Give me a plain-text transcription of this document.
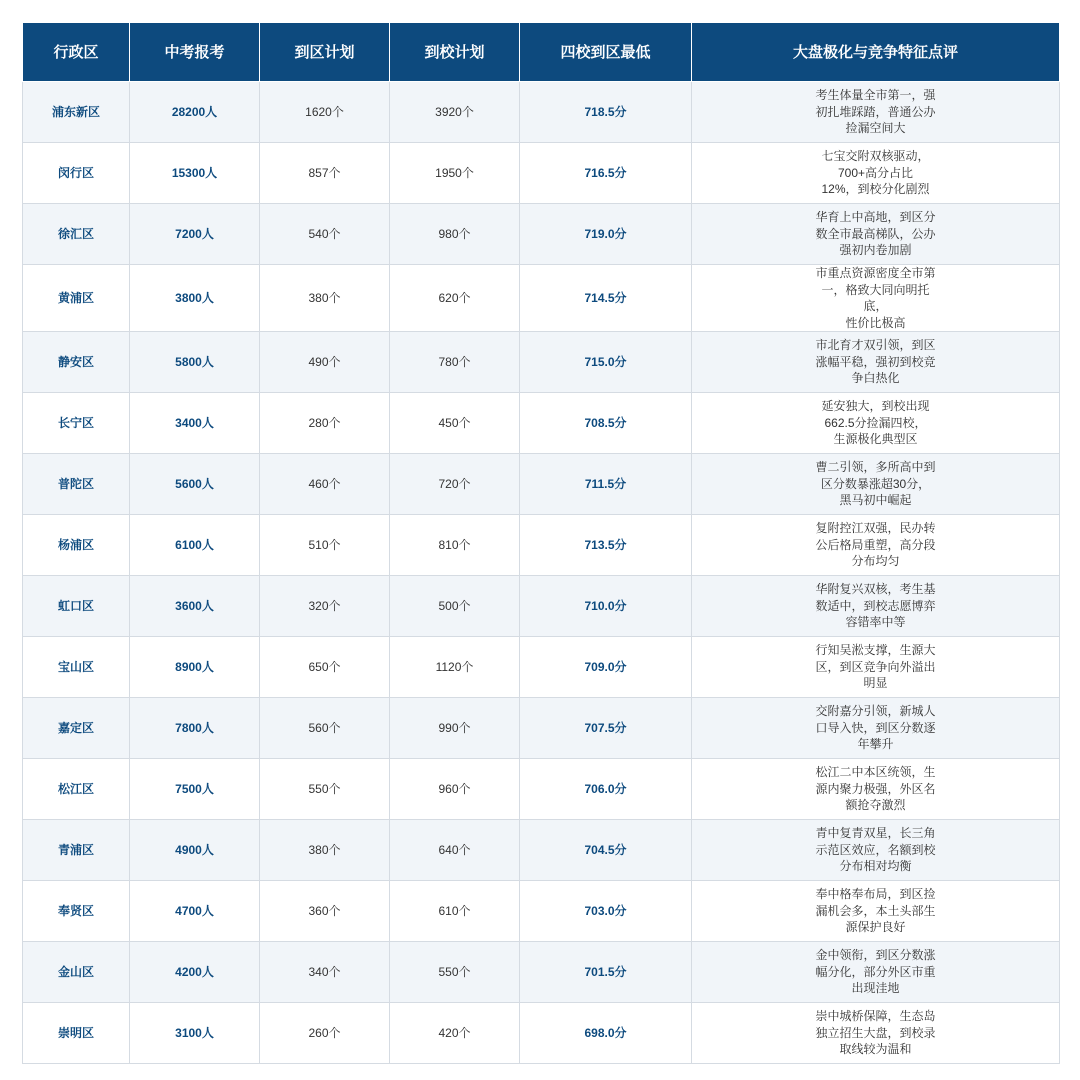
行政区	中考报考	到区计划	到校计划	四校到区最低	大盘极化与竞争特征点评
浦东新区	28200人	1620个	3920个	718.5分	考生体量全市第一，强
初扎堆踩踏，普通公办
捡漏空间大

闵行区	15300人	857个	1950个	716.5分	七宝交附双核驱动，
700+高分占比
12%，到校分化剧烈

徐汇区	7200人	540个	980个	719.0分	华育上中高地，到区分
数全市最高梯队，公办
强初内卷加剧

黄浦区	3800人	380个	620个	714.5分	市重点资源密度全市第
一，格致大同向明托底，
性价比极高

静安区	5800人	490个	780个	715.0分	市北育才双引领，到区
涨幅平稳，强初到校竞
争白热化

长宁区	3400人	280个	450个	708.5分	延安独大，到校出现
662.5分捡漏四校，
生源极化典型区

普陀区	5600人	460个	720个	711.5分	曹二引领，多所高中到
区分数暴涨超30分，
黑马初中崛起

杨浦区	6100人	510个	810个	713.5分	复附控江双强，民办转
公后格局重塑，高分段
分布均匀

虹口区	3600人	320个	500个	710.0分	华附复兴双核，考生基
数适中，到校志愿博弈
容错率中等

宝山区	8900人	650个	1120个	709.0分	行知吴淞支撑，生源大
区，到区竞争向外溢出
明显

嘉定区	7800人	560个	990个	707.5分	交附嘉分引领，新城人
口导入快，到区分数逐
年攀升

松江区	7500人	550个	960个	706.0分	松江二中本区统领，生
源内聚力极强，外区名
额抢夺激烈

青浦区	4900人	380个	640个	704.5分	青中复青双星，长三角
示范区效应，名额到校
分布相对均衡

奉贤区	4700人	360个	610个	703.0分	奉中格奉布局，到区捡
漏机会多，本土头部生
源保护良好

金山区	4200人	340个	550个	701.5分	金中领衔，到区分数涨
幅分化，部分外区市重
出现洼地

崇明区	3100人	260个	420个	698.0分	崇中城桥保障，生态岛
独立招生大盘，到校录
取线较为温和
